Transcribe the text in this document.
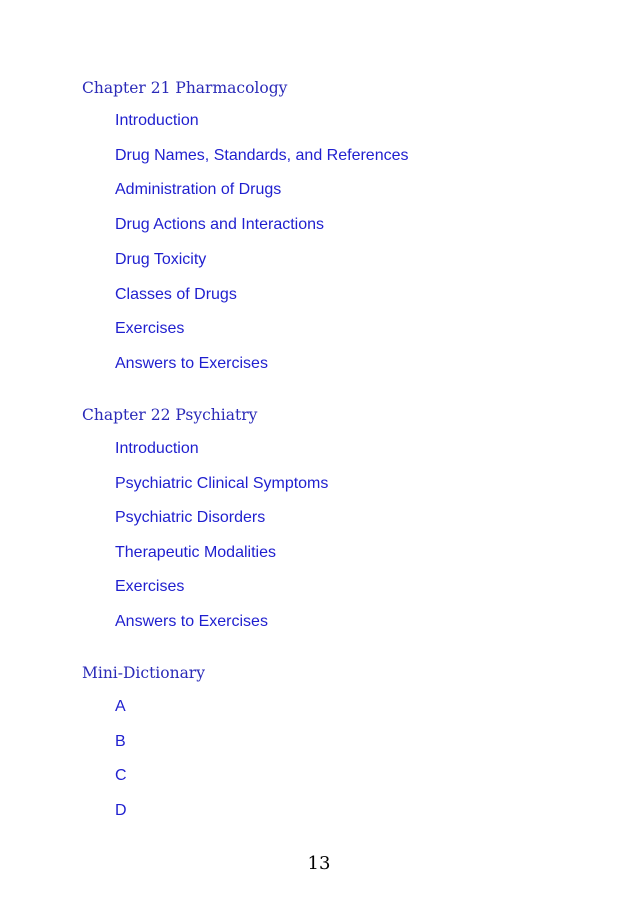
Chapter 21 Pharmacology
Introduction
Drug Names, Standards, and References
Administration of Drugs
Drug Actions and Interactions
Drug Toxicity
Classes of Drugs
Exercises
Answers to Exercises
Chapter 22 Psychiatry
Introduction
Psychiatric Clinical Symptoms
Psychiatric Disorders
Therapeutic Modalities
Exercises
Answers to Exercises
Mini-Dictionary
A
B
C
D
13
